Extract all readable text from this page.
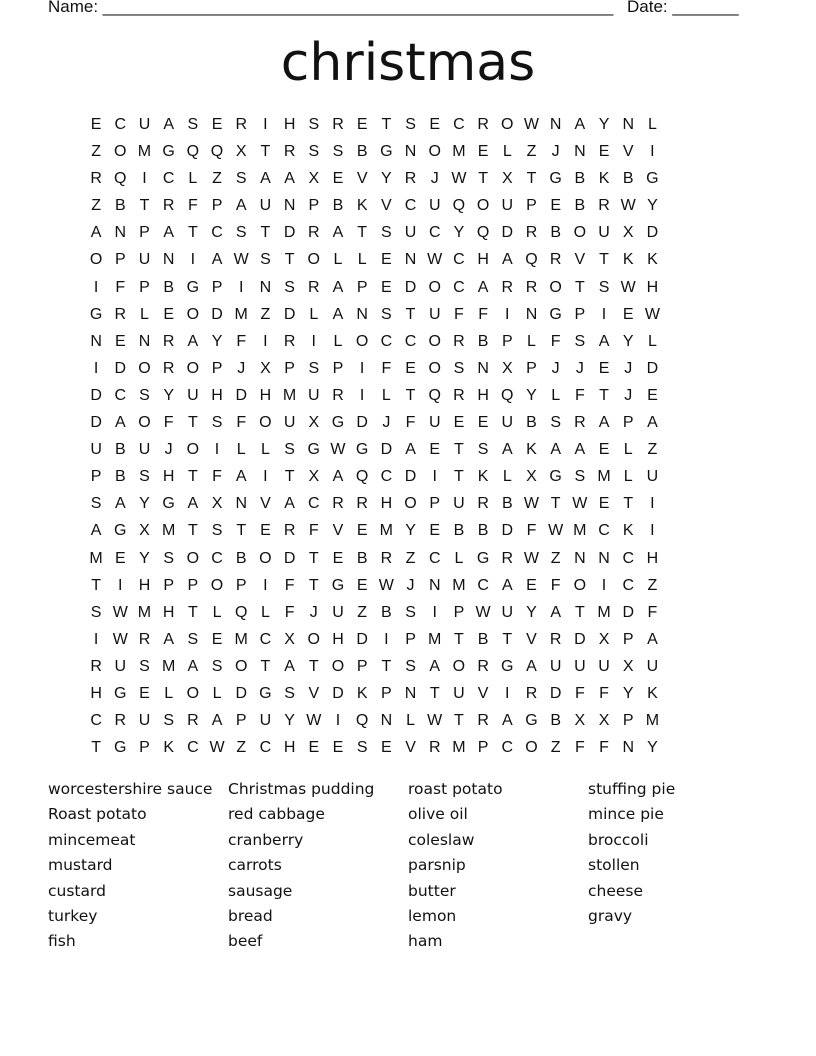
Name: ______________________________________________________ Date: _______
christmas
E C U A S E R	I	H S R E T S E C R O W N A Y N L
Z O M G Q Q X T R S S B G N O M E L Z J N E V	I
R Q I	C L Z S A A X E V Y R J W T X T G B K B G
Z B T R F P A U N P B K V C U Q O U P E B R W Y
A N P A T C S T D R A T S U C Y Q D R B O U X D
O P U N	I	A W S T O L L E N W C H A Q R V T K K
I	F P B G P	I	N S R A P E D O C A R R O T S W H
G R L E O D M Z D L A N S T U F F	I	N G P	I	E W
N E N R A Y F	I	R	I	L O C C O R B P L F S A Y L
I	D O R O P J X P S P	I	F E O S N X P J	J E J D
D C S Y U H D H M U R	I	L T Q R H Q Y L F T J E
D A O F T S F O U X G D J F U E E U B S R A P A
U B U J O I	L L S G W G D A E T S A K A A E L Z
P B S H T F A	I	T X A Q C D	I	T K L X G S M L U
S A Y G A X N V A C R R H O P U R B W T W E T	I
A G X M T S T E R F V E M Y E B B D F W M C K	I
M E Y S O C B O D T E B R Z C L G R W Z N N C H
T	I	H P P O P	I	F T G E W J N M C A E F O I	C Z
S W M H T L Q L F J U Z B S	I	P W U Y A T M D F
I W R A S E M C X O H D	I	P M T B T V R D X P A
R U S M A S O T A T O P T S A O R G A U U U X U
H G E L O L D G S V D K P N T U V	I	R D F F Y K
C R U S R A P U Y W I Q N L W T R A G B X X P M
T G P K C W Z C H E E S E V R M P C O Z F F N Y
worcestershire sauce
Roast potato
mincemeat
mustard
custard
turkey
fish
Christmas pudding
red cabbage
cranberry
carrots
sausage
bread
beef
roast potato
olive oil
coleslaw
parsnip
butter
lemon
ham
stuffing pie
mince pie
broccoli
stollen
cheese
gravy
